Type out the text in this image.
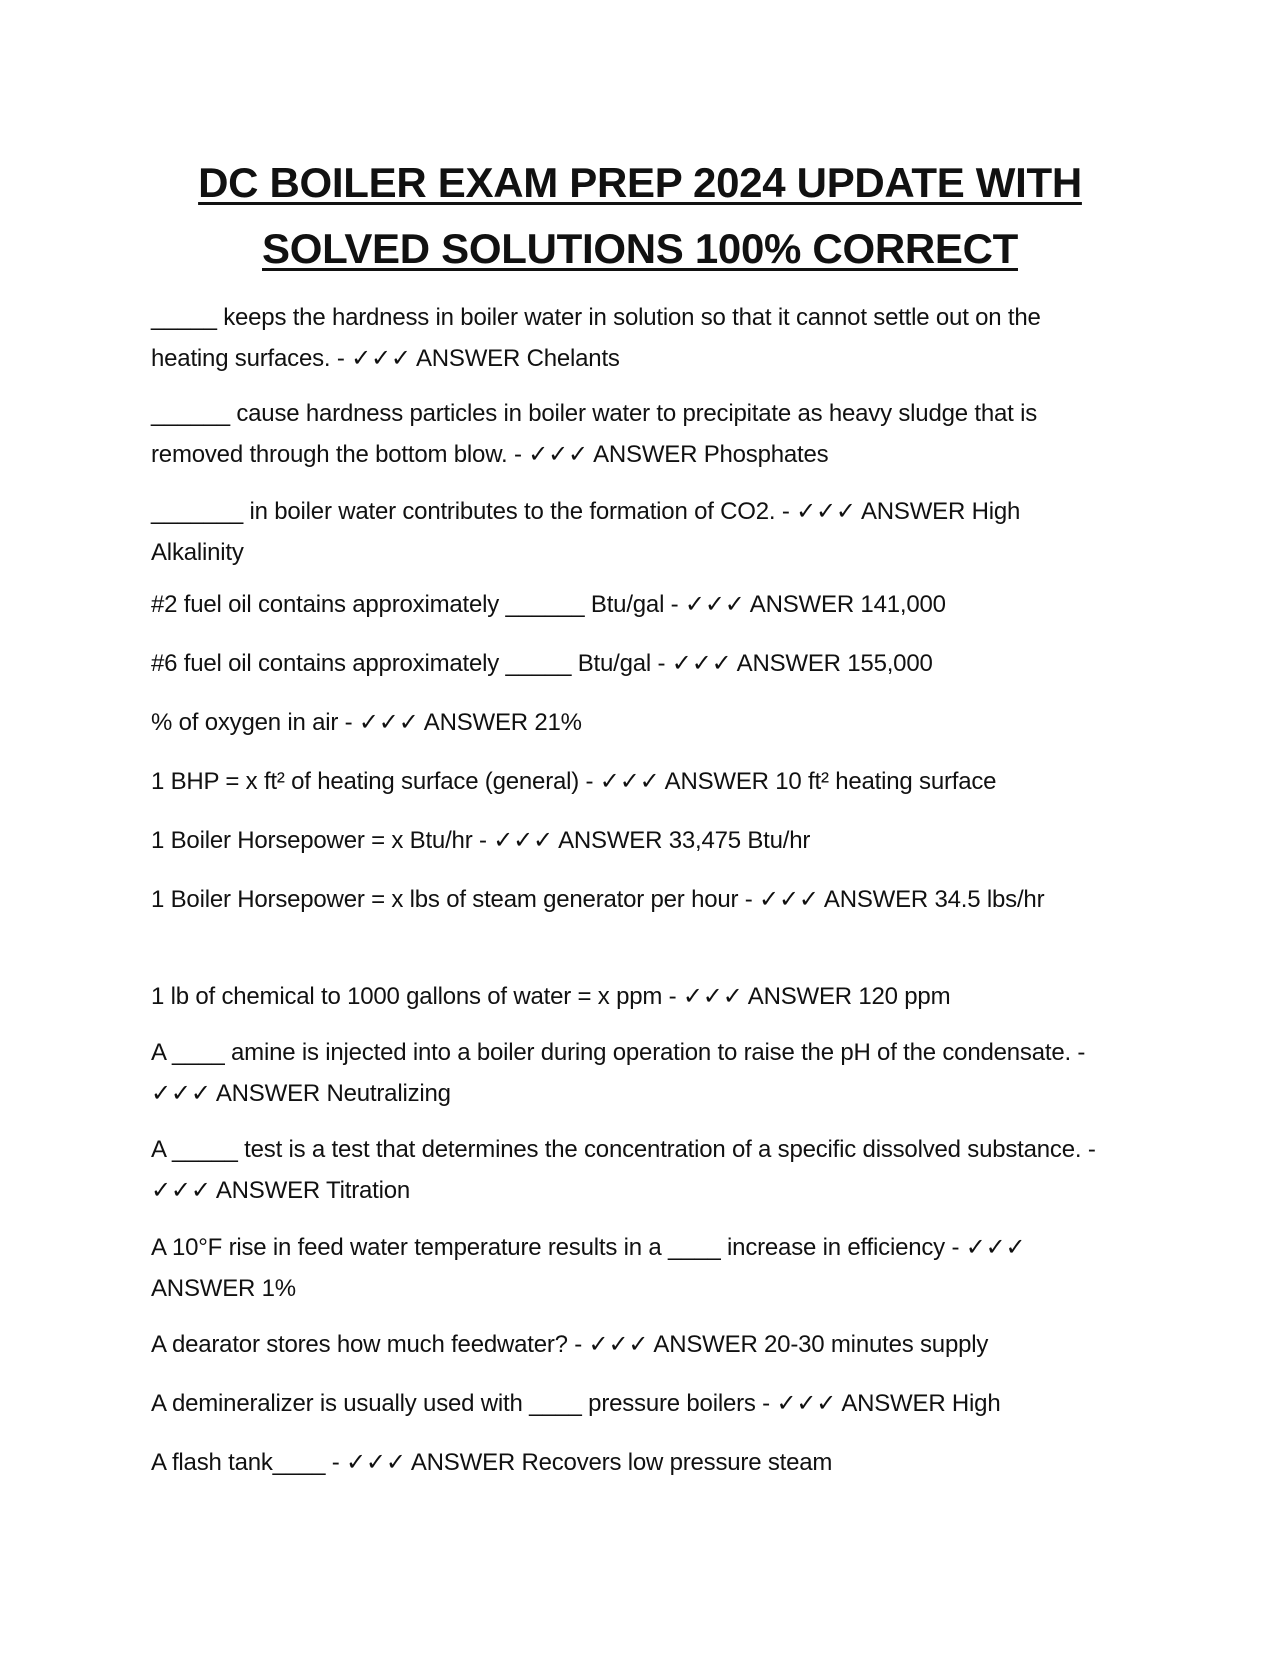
DC BOILER EXAM PREP 2024 UPDATE WITH
SOLVED SOLUTIONS 100% CORRECT

_____ keeps the hardness in boiler water in solution so that it cannot settle out on the heating surfaces. - ✓✓✓ ANSWER Chelants

______ cause hardness particles in boiler water to precipitate as heavy sludge that is removed through the bottom blow. - ✓✓✓ ANSWER Phosphates

_______ in boiler water contributes to the formation of CO2. - ✓✓✓ ANSWER High Alkalinity

#2 fuel oil contains approximately ______ Btu/gal - ✓✓✓ ANSWER 141,000

#6 fuel oil contains approximately _____ Btu/gal - ✓✓✓ ANSWER 155,000

% of oxygen in air - ✓✓✓ ANSWER 21%

1 BHP = x ft² of heating surface (general) - ✓✓✓ ANSWER 10 ft² heating surface

1 Boiler Horsepower = x Btu/hr - ✓✓✓ ANSWER 33,475 Btu/hr

1 Boiler Horsepower = x lbs of steam generator per hour - ✓✓✓ ANSWER 34.5 lbs/hr

1 lb of chemical to 1000 gallons of water = x ppm - ✓✓✓ ANSWER 120 ppm

A ____ amine is injected into a boiler during operation to raise the pH of the condensate. - ✓✓✓ ANSWER Neutralizing

A _____ test is a test that determines the concentration of a specific dissolved substance. - ✓✓✓ ANSWER Titration

A 10°F rise in feed water temperature results in a ____ increase in efficiency - ✓✓✓ ANSWER 1%

A dearator stores how much feedwater? - ✓✓✓ ANSWER 20-30 minutes supply

A demineralizer is usually used with ____ pressure boilers - ✓✓✓ ANSWER High

A flash tank____ - ✓✓✓ ANSWER Recovers low pressure steam
